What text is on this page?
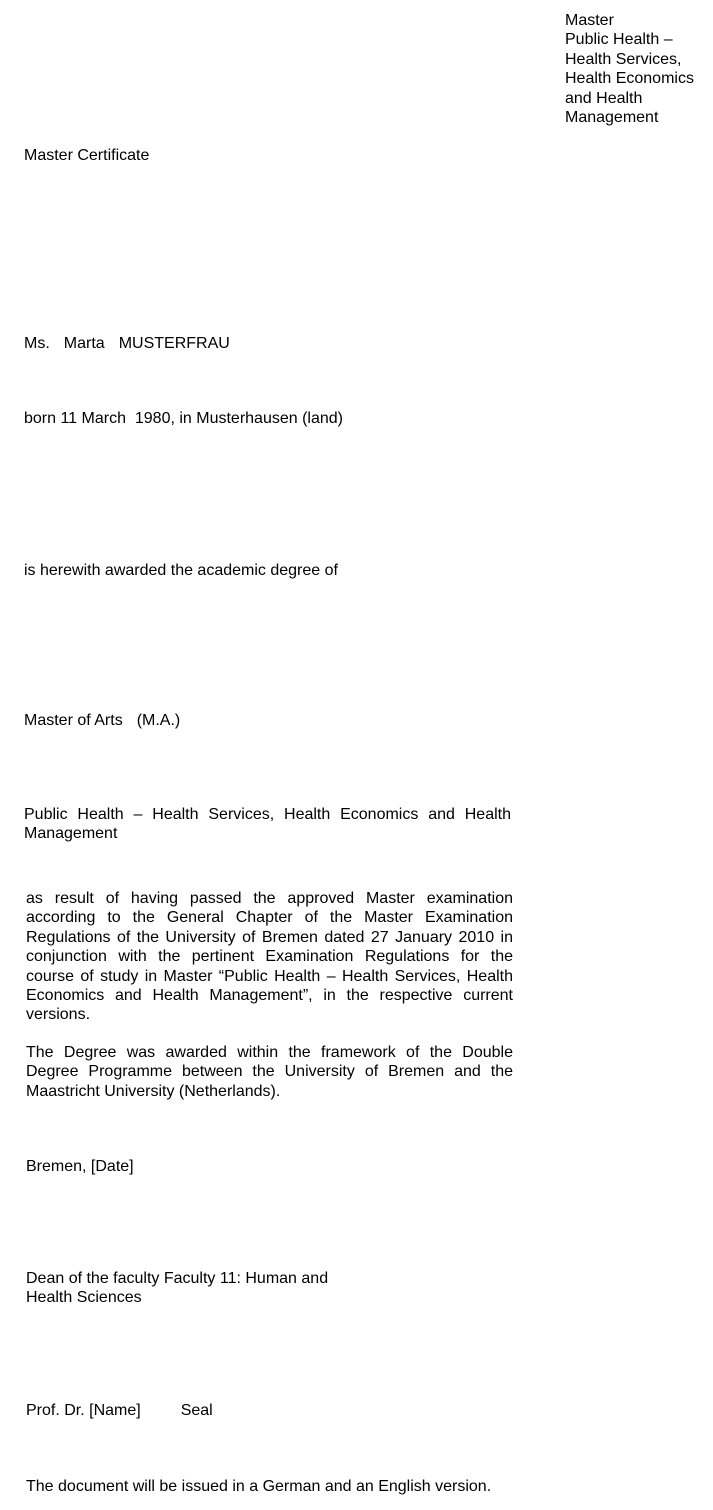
Master
Public Health –
Health Services,
Health Economics
and Health
Management

Master Certificate

Ms. Marta MUSTERFRAU

born 11 March  1980, in Musterhausen (land)

is herewith awarded the academic degree of

Master of Arts (M.A.)

Public Health – Health Services, Health Economics and Health Management

as result of having passed the approved Master examination according to the General Chapter of the Master Examination Regulations of the University of Bremen dated 27 January 2010 in conjunction with the pertinent Examination Regulations for the course of study in Master “Public Health – Health Services, Health Economics and Health Management”, in the respective current versions.

The Degree was awarded within the framework of the Double Degree Programme between the University of Bremen and the Maastricht University (Netherlands).

Bremen, [Date]

Dean of the faculty Faculty 11: Human and
Health Sciences

Prof. Dr. [Name]	Seal

The document will be issued in a German and an English version.
